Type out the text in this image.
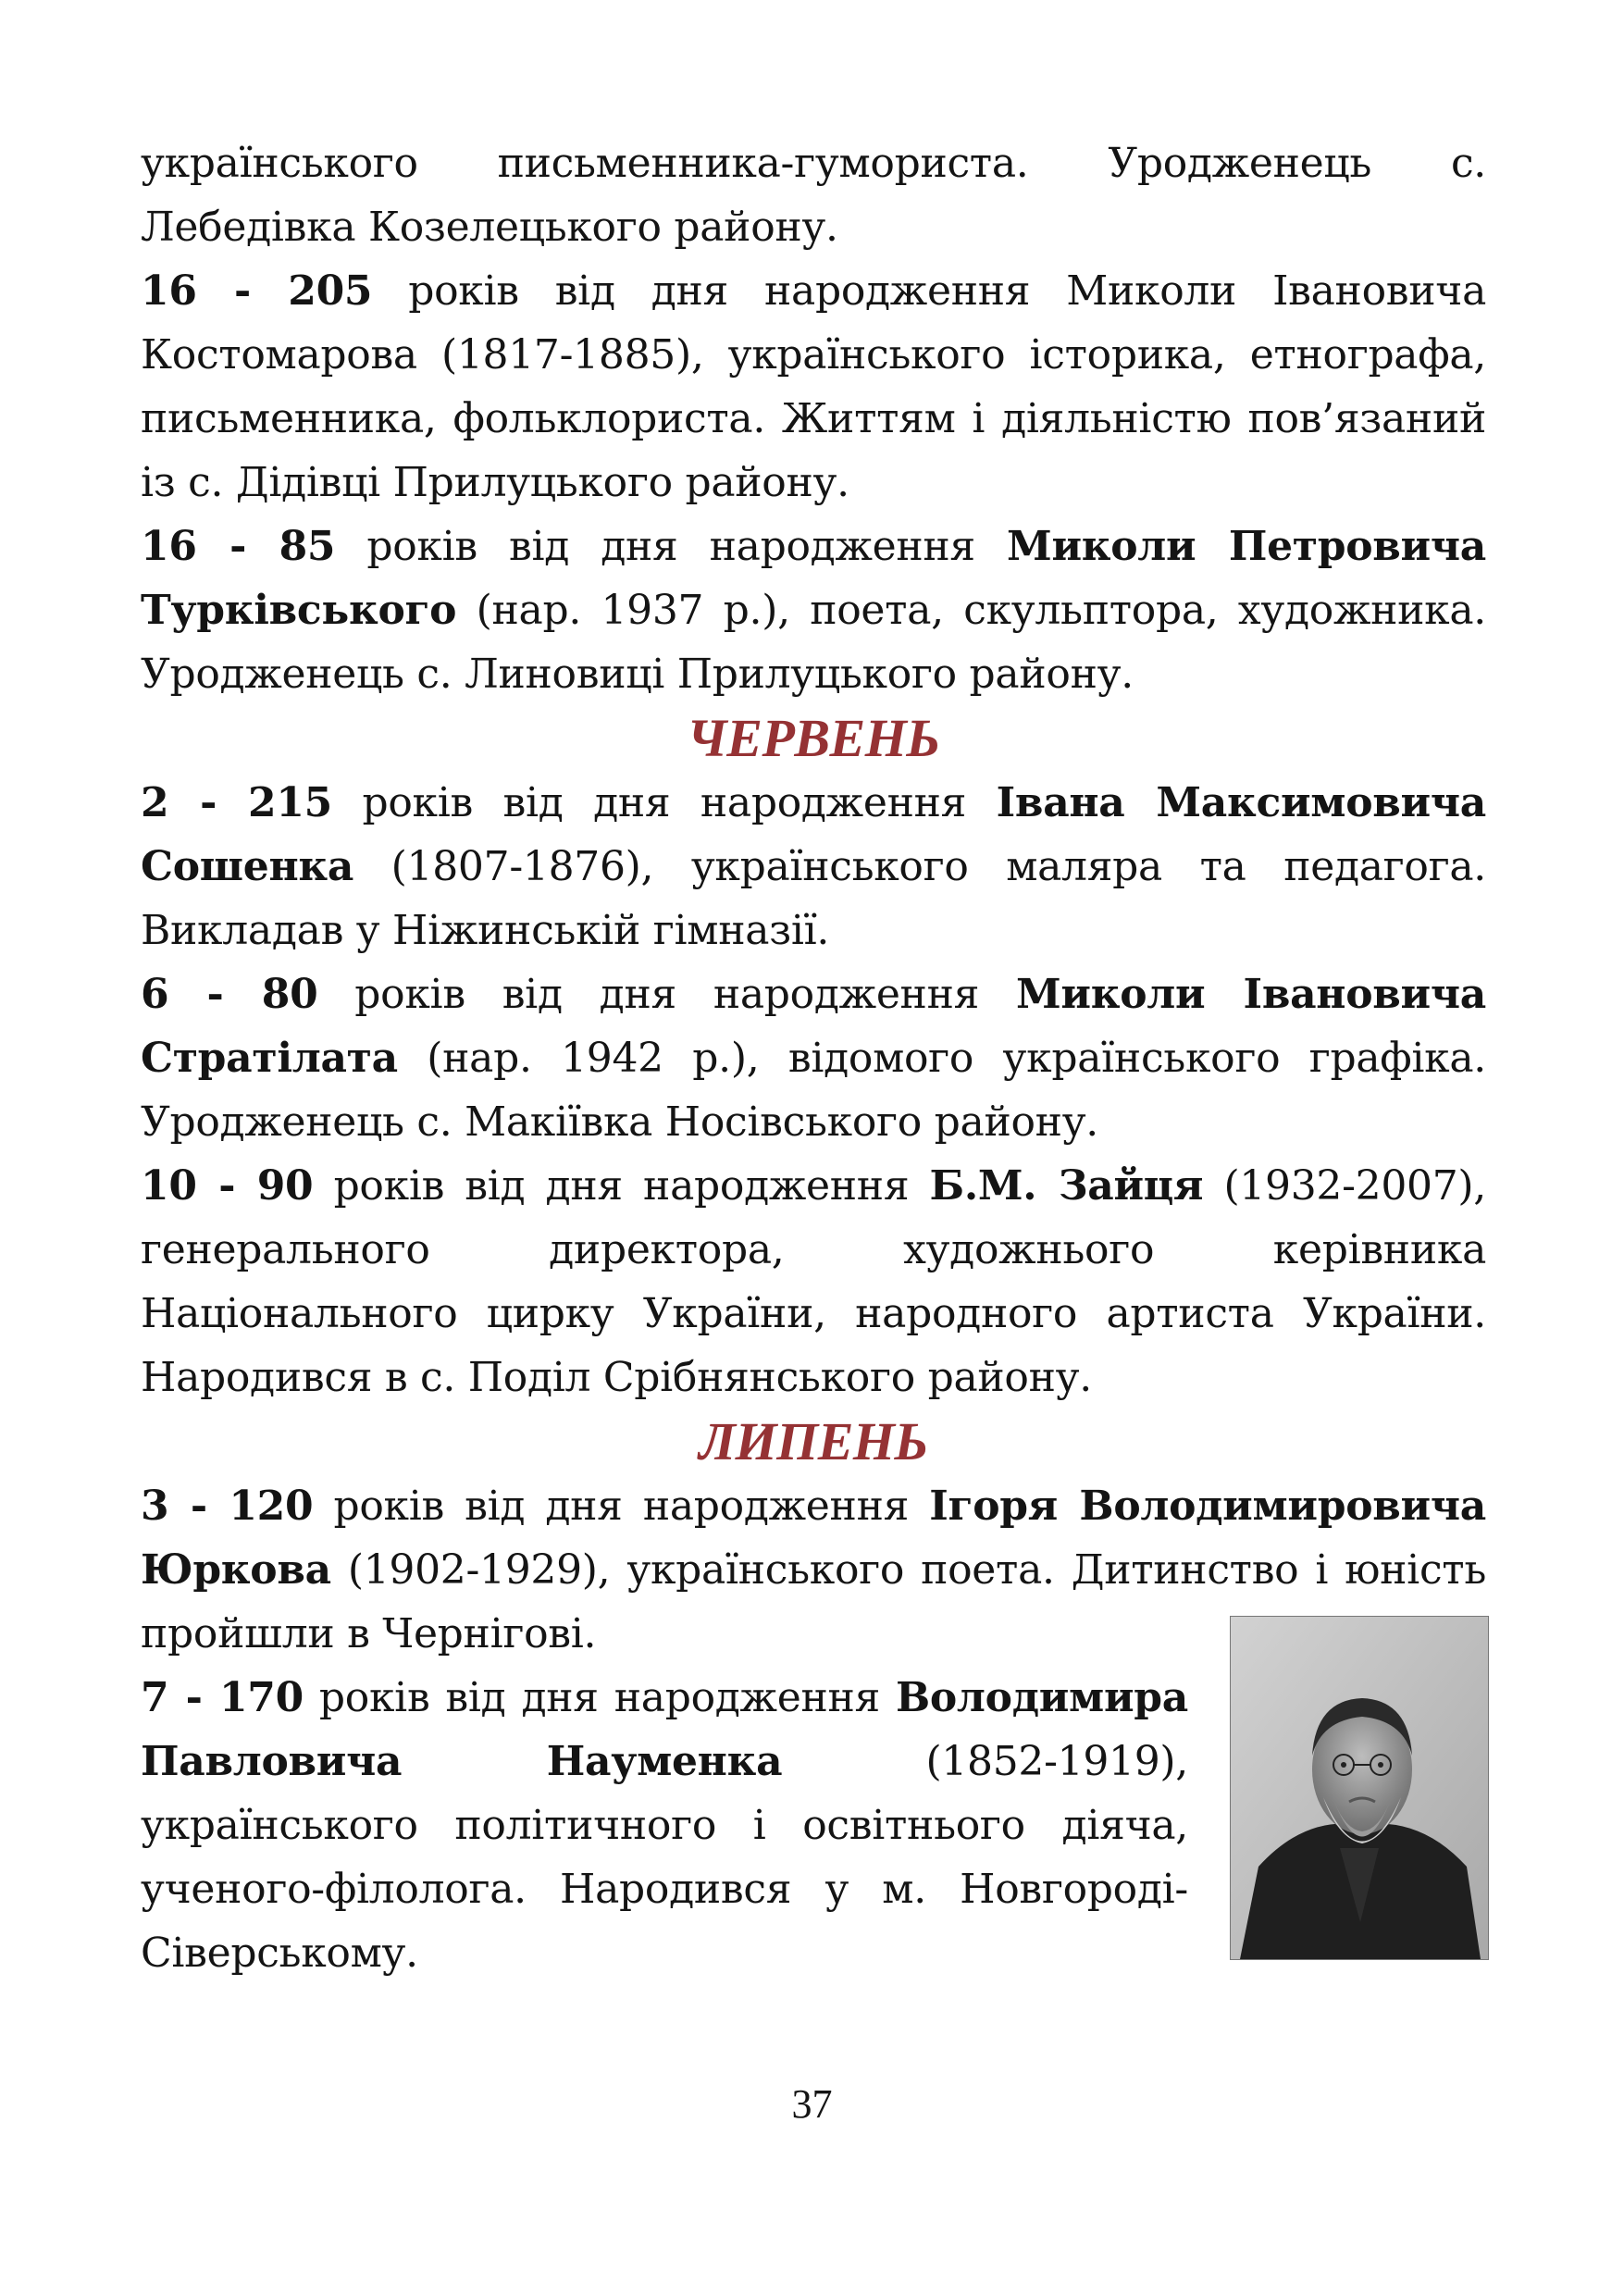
українського письменника-гумориста. Уродженець с. Лебедівка Козелецького району.

16 - 205 років від дня народження Миколи Івановича Костомарова (1817-1885), українського історика, етнографа, письменника, фольклориста. Життям і діяльністю пов’язаний із с. Дідівці Прилуцького району.

16 - 85 років від дня народження Миколи Петровича Турківського (нар. 1937 р.), поета, скульптора, художника. Уродженець с. Линовиці Прилуцького району.

ЧЕРВЕНЬ

2 - 215 років від дня народження Івана Максимовича Сошенка (1807-1876), українського маляра та педагога. Викладав у Ніжинській гімназії.

6 - 80 років від дня народження Миколи Івановича Стратілата (нар. 1942 р.), відомого українського графіка. Уродженець с. Макіївка Носівського району.

10 - 90 років від дня народження Б.М. Зайця (1932-2007), генерального директора, художнього керівника Національного цирку України, народного артиста України. Народився в с. Поділ Срібнянського району.

ЛИПЕНЬ

3 - 120 років від дня народження Ігоря Володимировича Юркова (1902-1929), українського поета. Дитинство і юність пройшли в Чернігові.

7 - 170 років від дня народження Володимира Павловича Науменка (1852-1919), українського політичного і освітнього діяча, ученого-філолога. Народився у м. Новгороді-Сіверському.

37
